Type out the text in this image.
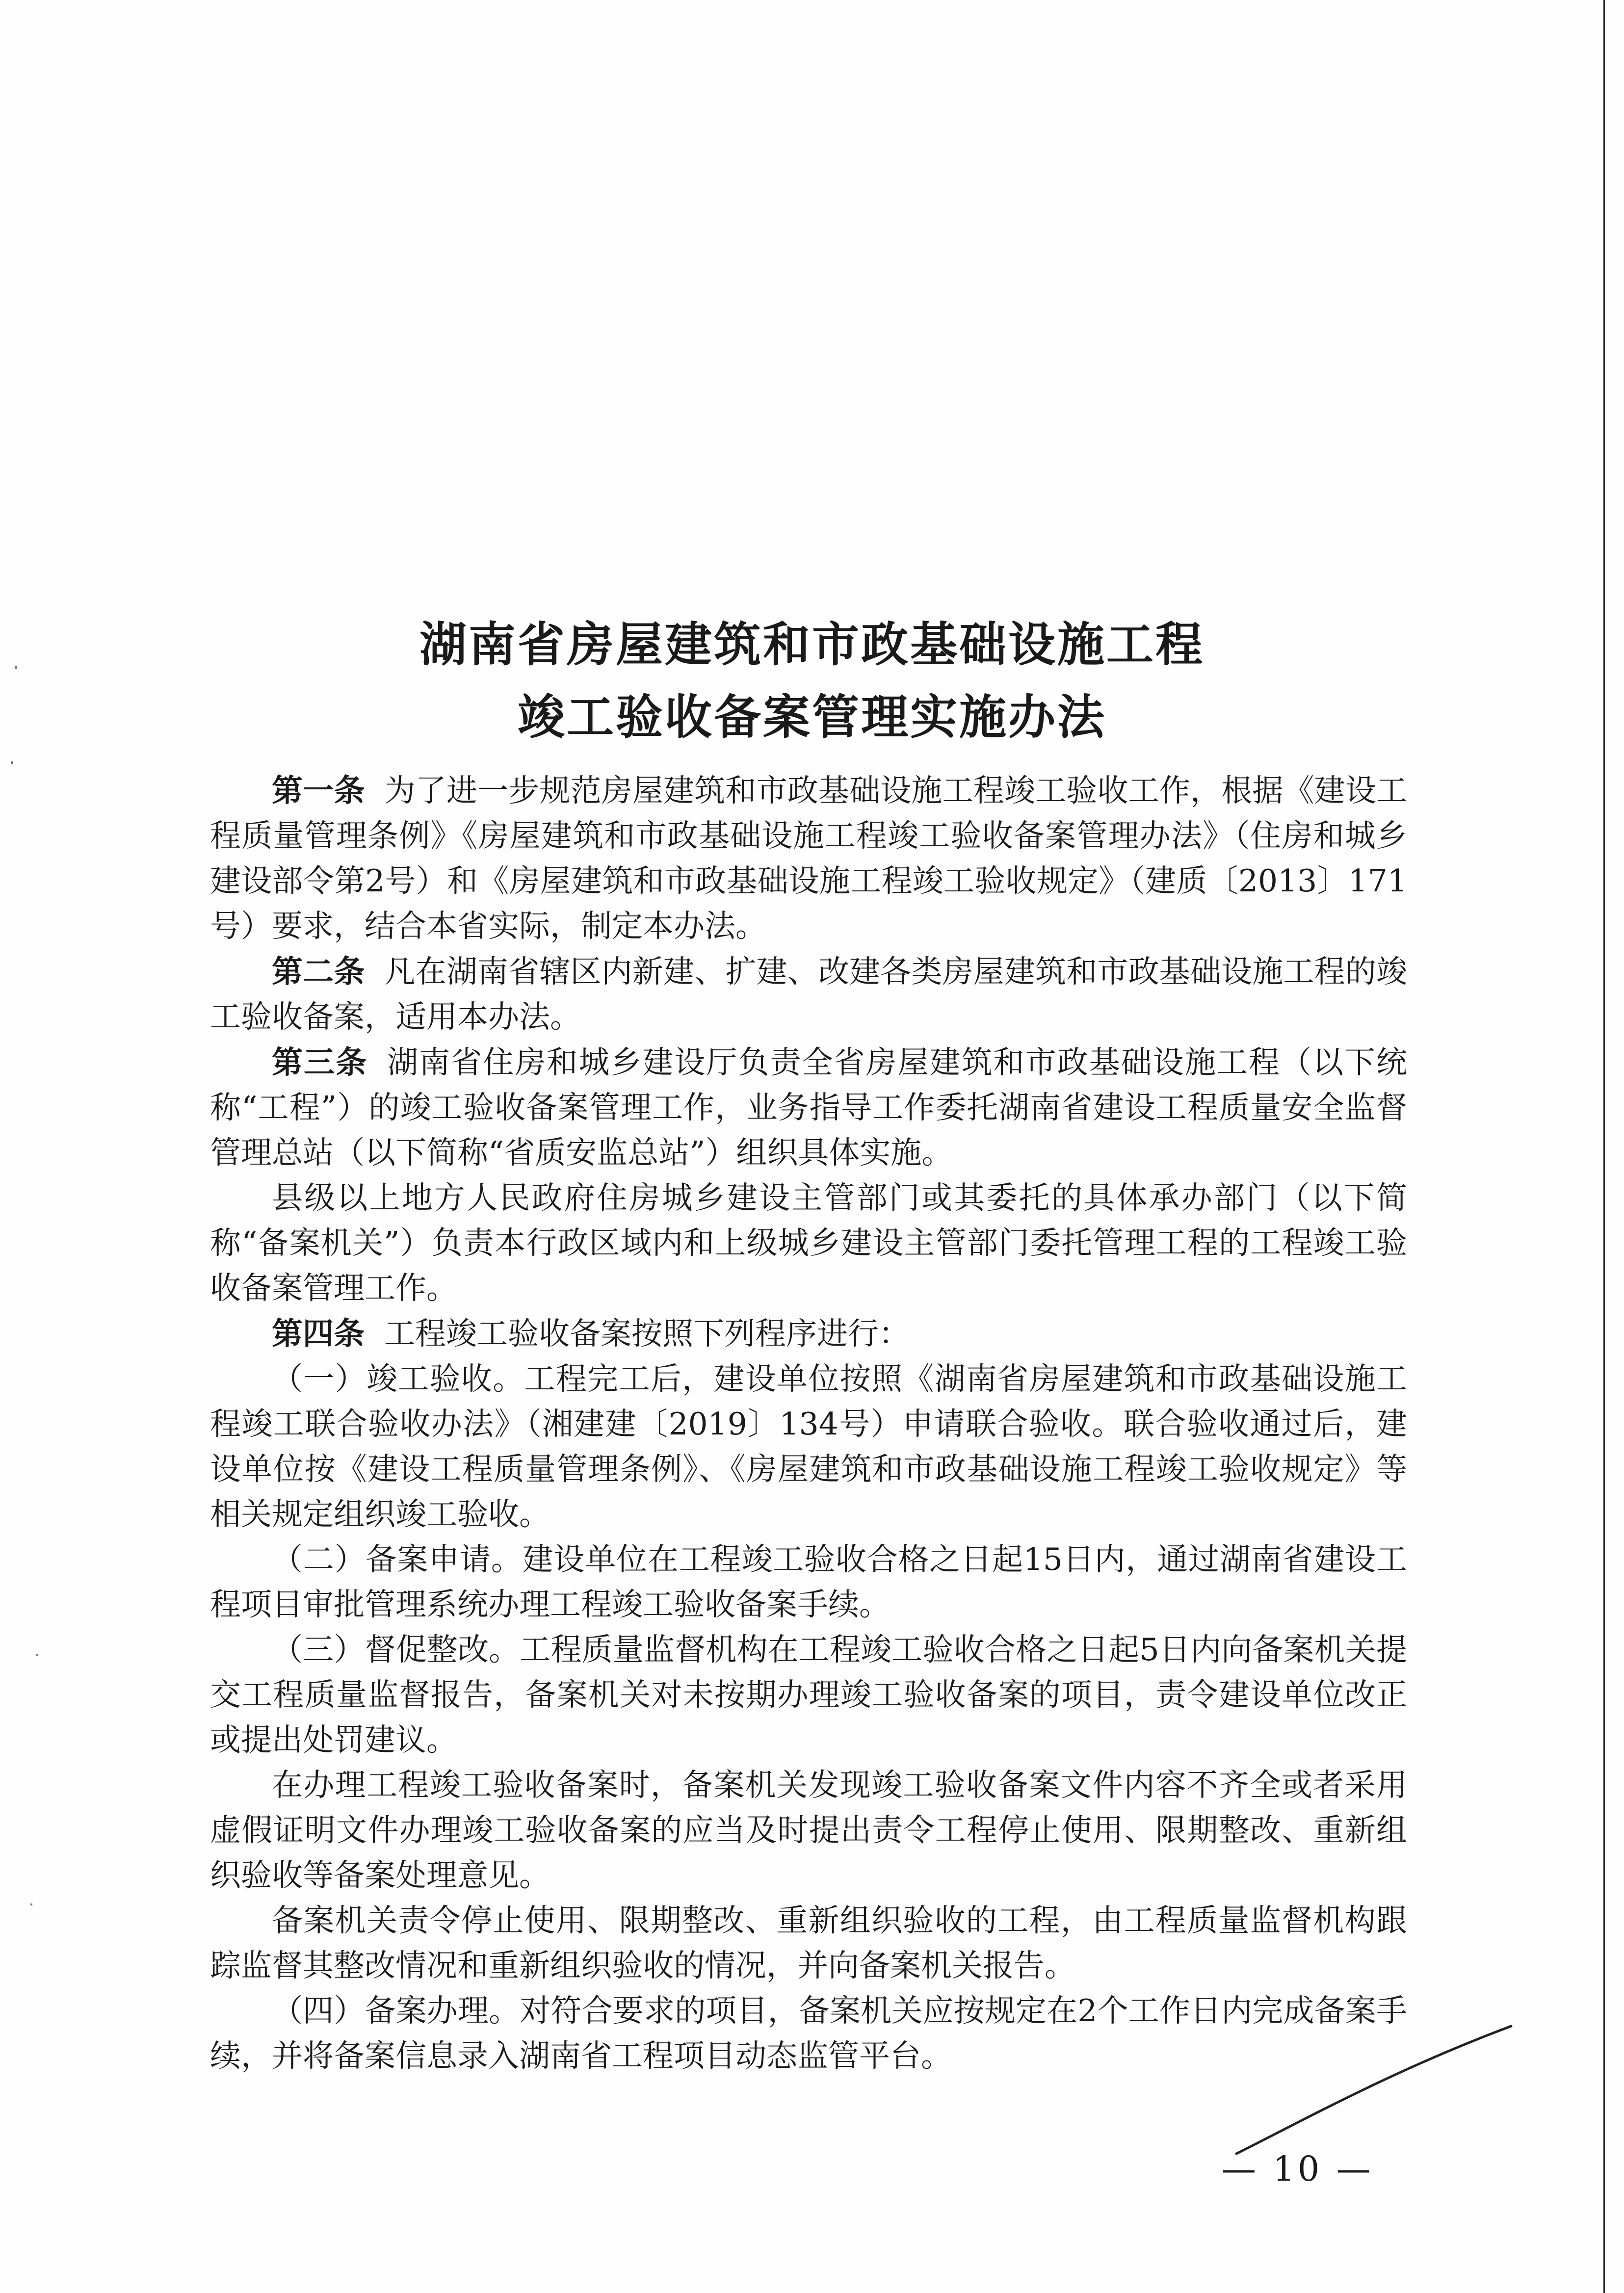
湖南省房屋建筑和市政基础设施工程
竣工验收备案管理实施办法

第一条 为了进一步规范房屋建筑和市政基础设施工程竣工验收工作，根据《建设工程质量管理条例》《房屋建筑和市政基础设施工程竣工验收备案管理办法》（住房和城乡建设部令第2号）和《房屋建筑和市政基础设施工程竣工验收规定》（建质〔2013〕171号）要求，结合本省实际，制定本办法。

第二条 凡在湖南省辖区内新建、扩建、改建各类房屋建筑和市政基础设施工程的竣工验收备案，适用本办法。

第三条 湖南省住房和城乡建设厅负责全省房屋建筑和市政基础设施工程（以下统称“工程”）的竣工验收备案管理工作，业务指导工作委托湖南省建设工程质量安全监督管理总站（以下简称“省质安监总站”）组织具体实施。

县级以上地方人民政府住房城乡建设主管部门或其委托的具体承办部门（以下简称“备案机关”）负责本行政区域内和上级城乡建设主管部门委托管理工程的工程竣工验收备案管理工作。

第四条 工程竣工验收备案按照下列程序进行：

（一）竣工验收。工程完工后，建设单位按照《湖南省房屋建筑和市政基础设施工程竣工联合验收办法》（湘建建〔2019〕134号）申请联合验收。联合验收通过后，建设单位按《建设工程质量管理条例》、《房屋建筑和市政基础设施工程竣工验收规定》等相关规定组织竣工验收。

（二）备案申请。建设单位在工程竣工验收合格之日起15日内，通过湖南省建设工程项目审批管理系统办理工程竣工验收备案手续。

（三）督促整改。工程质量监督机构在工程竣工验收合格之日起5日内向备案机关提交工程质量监督报告，备案机关对未按期办理竣工验收备案的项目，责令建设单位改正或提出处罚建议。

在办理工程竣工验收备案时，备案机关发现竣工验收备案文件内容不齐全或者采用虚假证明文件办理竣工验收备案的应当及时提出责令工程停止使用、限期整改、重新组织验收等备案处理意见。

备案机关责令停止使用、限期整改、重新组织验收的工程，由工程质量监督机构跟踪监督其整改情况和重新组织验收的情况，并向备案机关报告。

（四）备案办理。对符合要求的项目，备案机关应按规定在2个工作日内完成备案手续，并将备案信息录入湖南省工程项目动态监管平台。

— 10 —
